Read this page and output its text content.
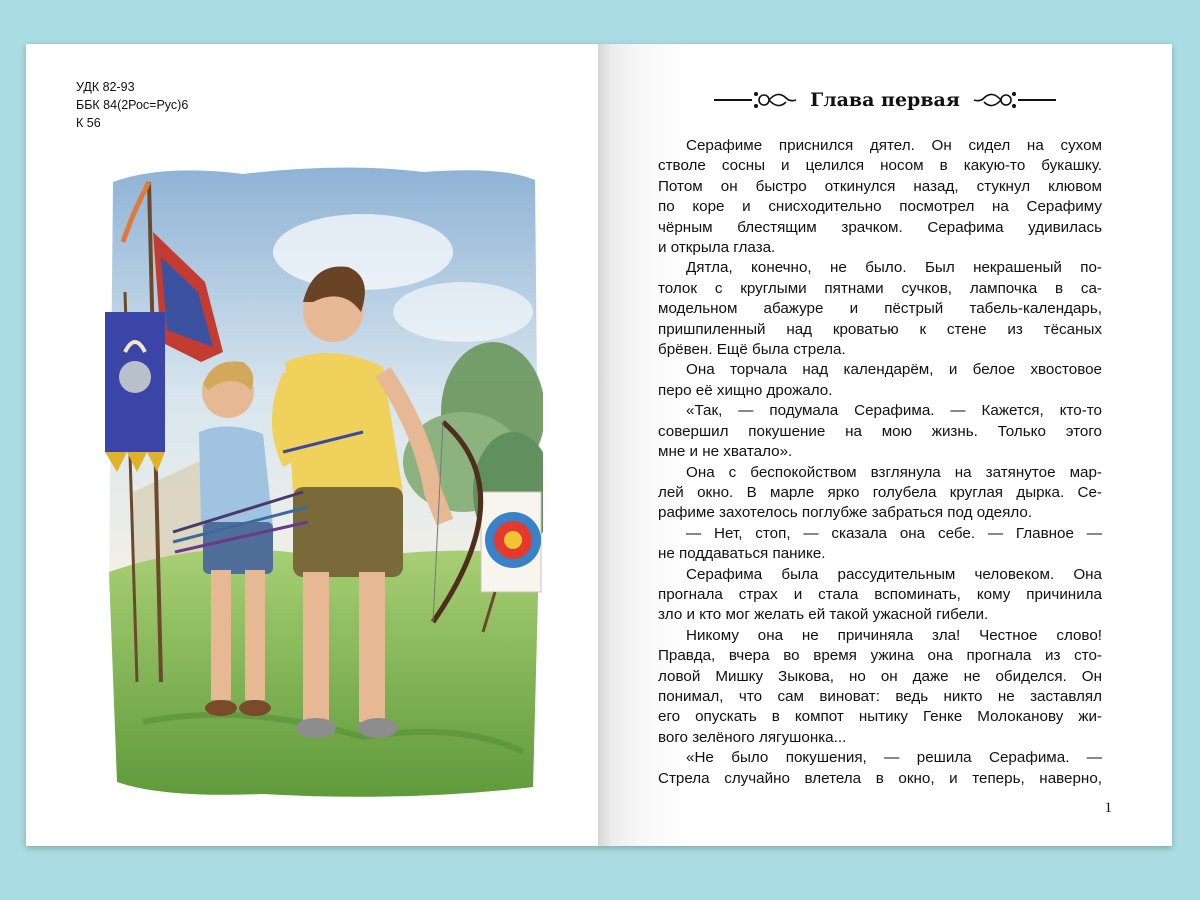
УДК 82-93
ББК 84(2Рос=Рус)6
К 56
Глава первая
Серафиме приснился дятел. Он сидел на сухом
стволе сосны и целился носом в какую-то букашку.
Потом он быстро откинулся назад, стукнул клювом
по коре и снисходительно посмотрел на Серафиму
чёрным блестящим зрачком. Серафима удивилась
и открыла глаза.
Дятла, конечно, не было. Был некрашеный по-
толок с круглыми пятнами сучков, лампочка в са-
модельном абажуре и пёстрый табель-календарь,
пришпиленный над кроватью к стене из тёсаных
брёвен. Ещё была стрела.
Она торчала над календарём, и белое хвостовое
перо её хищно дрожало.
«Так, — подумала Серафима. — Кажется, кто-то
совершил покушение на мою жизнь. Только этого
мне и не хватало».
Она с беспокойством взглянула на затянутое мар-
лей окно. В марле ярко голубела круглая дырка. Се-
рафиме захотелось поглубже забраться под одеяло.
— Нет, стоп, — сказала она себе. — Главное —
не поддаваться панике.
Серафима была рассудительным человеком. Она
прогнала страх и стала вспоминать, кому причинила
зло и кто мог желать ей такой ужасной гибели.
Никому она не причиняла зла! Честное слово!
Правда, вчера во время ужина она прогнала из сто-
ловой Мишку Зыкова, но он даже не обиделся. Он
понимал, что сам виноват: ведь никто не заставлял
его опускать в компот нытику Генке Молоканову жи-
вого зелёного лягушонка...
«Не было покушения, — решила Серафима. —
Стрела случайно влетела в окно, и теперь, наверно,
1
